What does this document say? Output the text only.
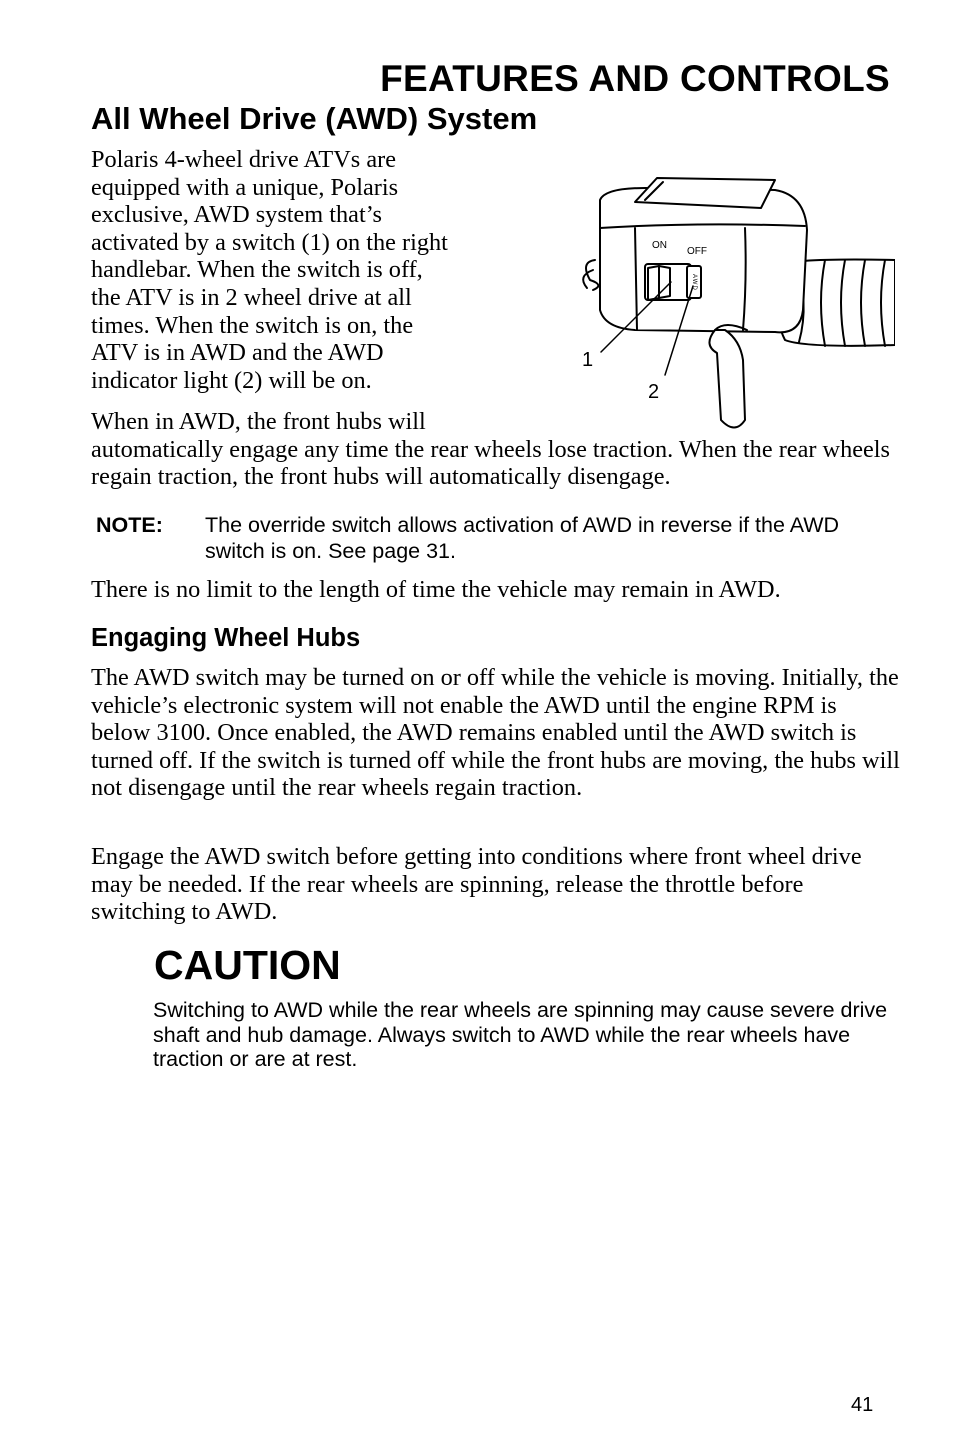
FEATURES AND CONTROLS
All Wheel Drive (AWD) System
Polaris 4-wheel drive ATVs are
equipped with a unique, Polaris
exclusive, AWD system that’s
activated by a switch (1) on the right
handlebar. When the switch is off,
the ATV is in 2 wheel drive at all
times. When the switch is on, the
ATV is in AWD and the AWD
indicator light (2) will be on.
ON
OFF
AWD
1
2
When in AWD, the front hubs will
automatically engage any time the rear wheels lose traction. When the rear wheels regain traction, the front hubs will automatically disengage.
NOTE: The override switch allows activation of AWD in reverse if the AWD switch is on. See page 31.
There is no limit to the length of time the vehicle may remain in AWD.
Engaging Wheel Hubs
The AWD switch may be turned on or off while the vehicle is moving. Initially, the vehicle’s electronic system will not enable the AWD until the engine RPM is below 3100. Once enabled, the AWD remains enabled until the AWD switch is turned off. If the switch is turned off while the front hubs are moving, the hubs will not disengage until the rear wheels regain traction.
Engage the AWD switch before getting into conditions where front wheel drive may be needed. If the rear wheels are spinning, release the throttle before switching to AWD.
CAUTION
Switching to AWD while the rear wheels are spinning may cause severe drive shaft and hub damage. Always switch to AWD while the rear wheels have traction or are at rest.
41
